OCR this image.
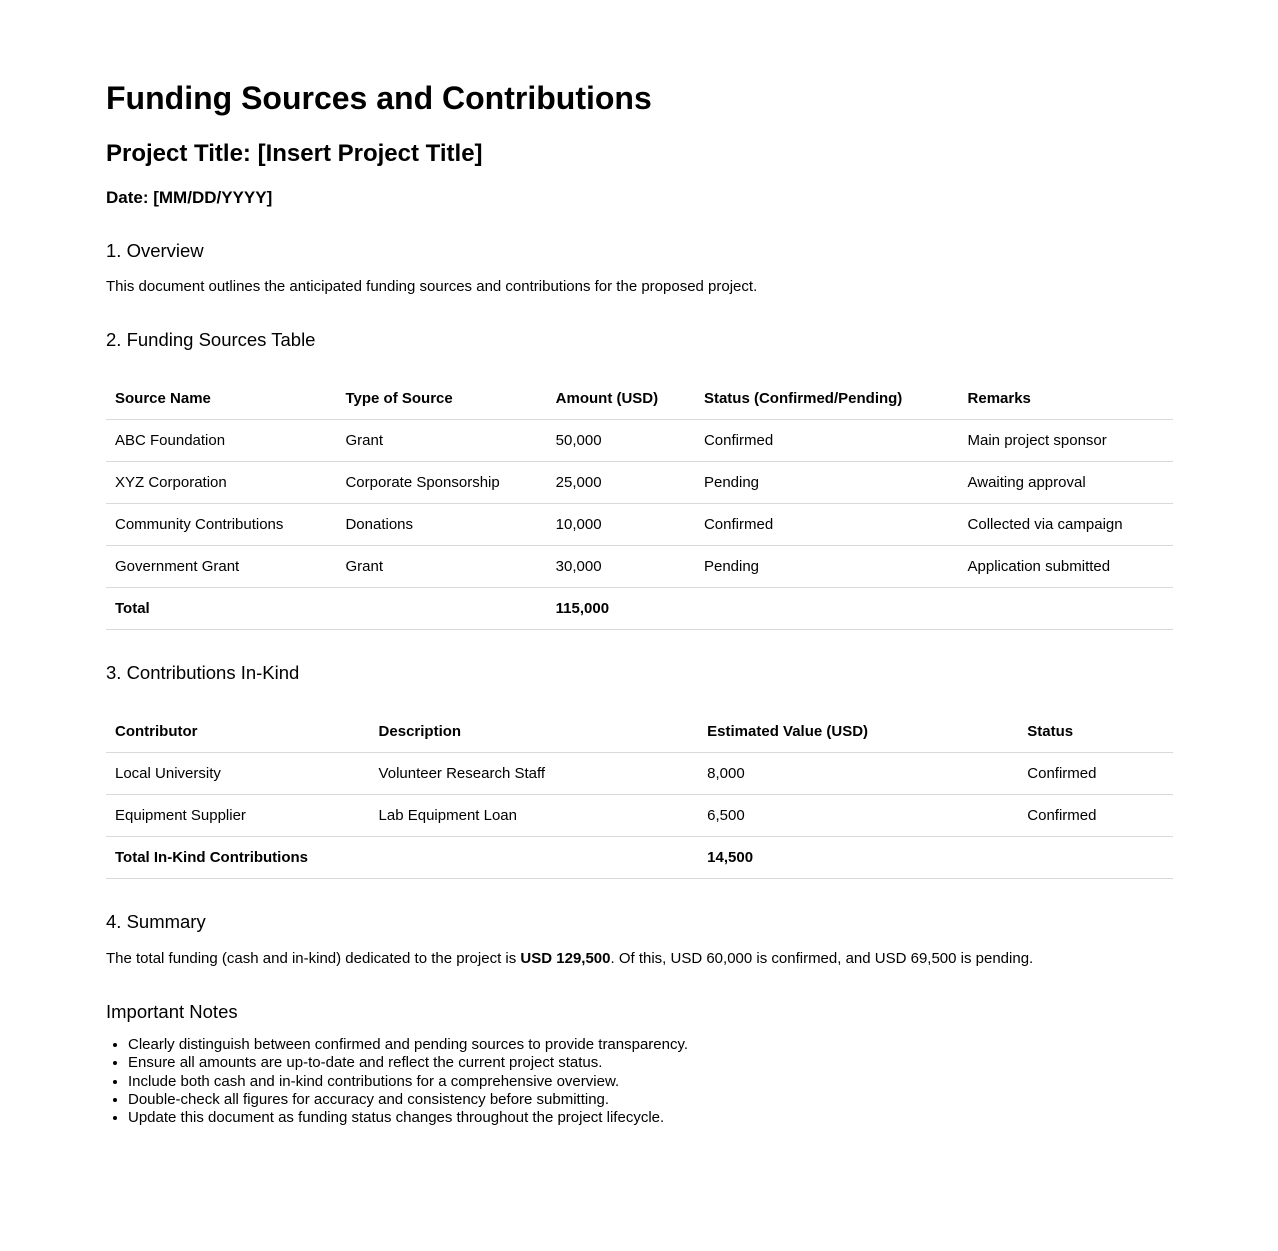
Funding Sources and Contributions
Project Title: [Insert Project Title]
Date: [MM/DD/YYYY]
1. Overview

This document outlines the anticipated funding sources and contributions for the proposed project.

2. Funding Sources Table
Source Name	Type of Source	Amount (USD)	Status (Confirmed/Pending)	Remarks
ABC Foundation	Grant	50,000	Confirmed	Main project sponsor
XYZ Corporation	Corporate Sponsorship	25,000	Pending	Awaiting approval
Community Contributions	Donations	10,000	Confirmed	Collected via campaign
Government Grant	Grant	30,000	Pending	Application submitted
Total		115,000		
3. Contributions In-Kind
Contributor	Description	Estimated Value (USD)	Status
Local University	Volunteer Research Staff	8,000	Confirmed
Equipment Supplier	Lab Equipment Loan	6,500	Confirmed
Total In-Kind Contributions		14,500	
4. Summary

The total funding (cash and in-kind) dedicated to the project is USD 129,500. Of this, USD 60,000 is confirmed, and USD 69,500 is pending.

Important Notes
• Clearly distinguish between confirmed and pending sources to provide transparency.
• Ensure all amounts are up-to-date and reflect the current project status.
• Include both cash and in-kind contributions for a comprehensive overview.
• Double-check all figures for accuracy and consistency before submitting.
• Update this document as funding status changes throughout the project lifecycle.
